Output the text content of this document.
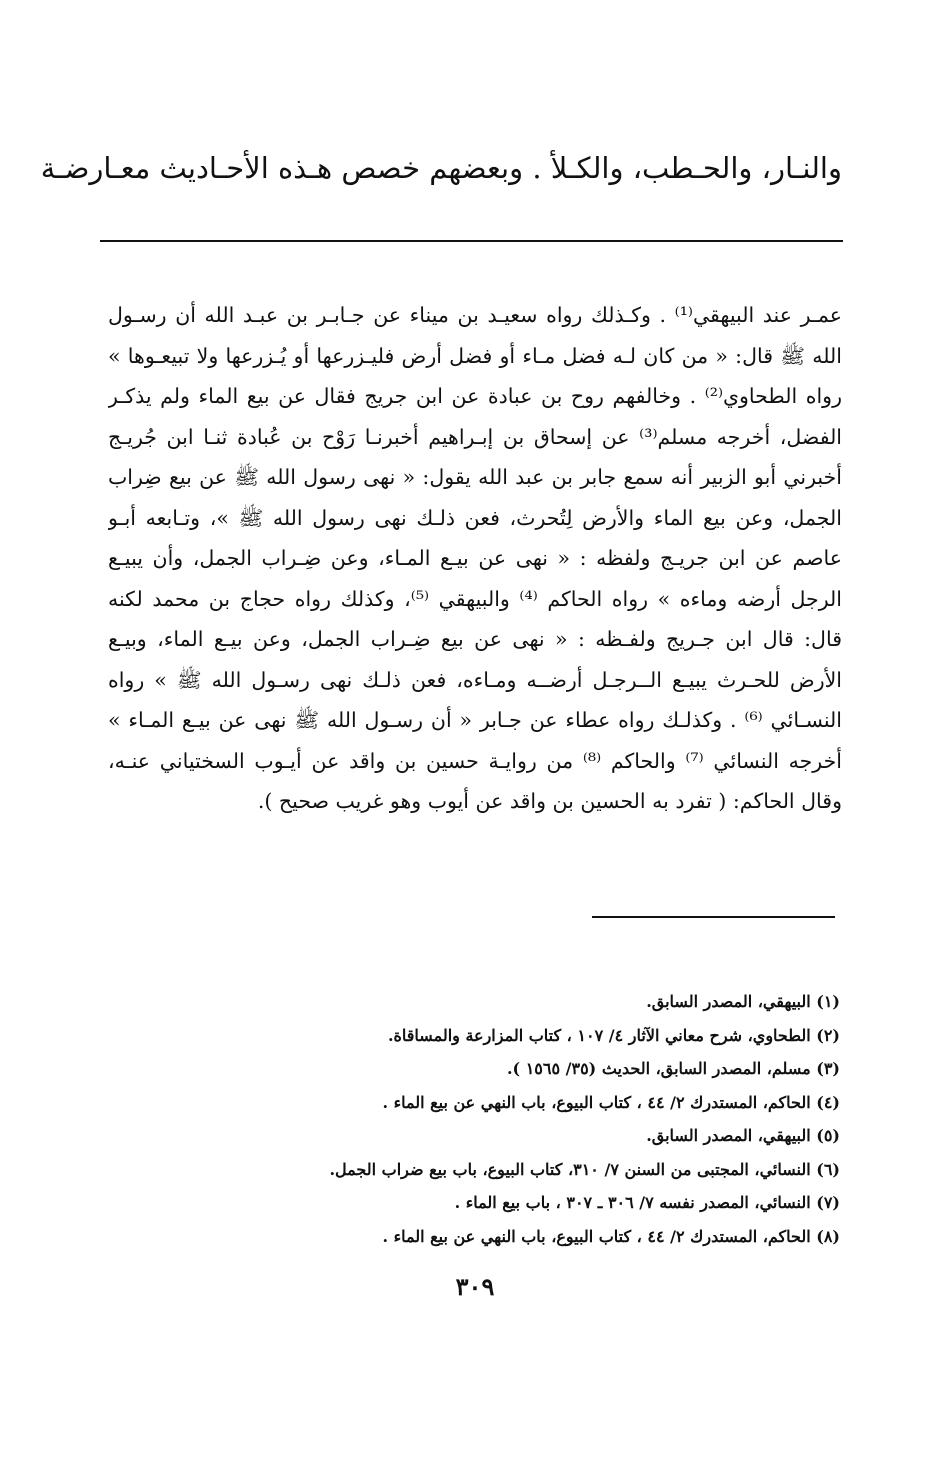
والنـار، والحـطب، والكـلأ . وبعضهم خصص هـذه الأحـاديث معـارضـة
عمـر عند البيهقي⁽¹⁾ . وكـذلك رواه سعيـد بن ميناء عن جـابـر بن عبـد الله أن رسـول
الله ﷺ قال: « من كان لـه فضل مـاء أو فضل أرض فليـزرعها أو يُـزرعها ولا تبيعـوها »
رواه الطحاوي⁽²⁾ . وخالفهم روح بن عبادة عن ابن جريج فقال عن بيع الماء ولم يذكـر
الفضل، أخرجه مسلم⁽³⁾ عن إسحاق بن إبـراهيم أخبرنـا رَوْح بن عُبادة ثنـا ابن جُريـج
أخبرني أبو الزبير أنه سمع جابر بن عبد الله يقول: « نهى رسول الله ﷺ عن بيع ضِراب
الجمل، وعن بيع الماء والأرض لِتُحرث، فعن ذلـك نهى رسول الله ﷺ »، وتـابعه أبـو
عاصم عن ابن جريـج ولفظه : « نهى عن بيـع المـاء، وعن ضِـراب الجمل، وأن يبيـع
الرجل أرضه وماءه » رواه الحاكم ⁽⁴⁾ والبيهقي ⁽⁵⁾، وكذلك رواه حجاج بن محمد لكنه
قال: قال ابن جـريج ولفـظه : « نهى عن بيع ضِـراب الجمل، وعن بيـع الماء، وبيـع
الأرض للحـرث يبيـع الــرجـل أرضــه ومـاءه، فعن ذلـك نهى رسـول الله ﷺ » رواه
النسـائي ⁽⁶⁾ . وكذلـك رواه عطاء عن جـابر « أن رسـول الله ﷺ نهى عن بيـع المـاء »
أخرجه النسائي ⁽⁷⁾ والحاكم ⁽⁸⁾ من روايـة حسين بن واقد عن أيـوب السختياني عنـه،
وقال الحاكم: ( تفرد به الحسين بن واقد عن أيوب وهو غريب صحيح ).
(١) البيهقي، المصدر السابق.
(٢) الطحاوي، شرح معاني الآثار ٤/ ١٠٧ ، كتاب المزارعة والمساقاة.
(٣) مسلم، المصدر السابق، الحديث (٣٥/ ١٥٦٥ ).
(٤) الحاكم، المستدرك ٢/ ٤٤ ، كتاب البيوع، باب النهي عن بيع الماء .
(٥) البيهقي، المصدر السابق.
(٦) النسائي، المجتبى من السنن ٧/ ٣١٠، كتاب البيوع، باب بيع ضراب الجمل.
(٧) النسائي، المصدر نفسه ٧/ ٣٠٦ ـ ٣٠٧ ، باب بيع الماء .
(٨) الحاكم، المستدرك ٢/ ٤٤ ، كتاب البيوع، باب النهي عن بيع الماء .
٣٠٩
